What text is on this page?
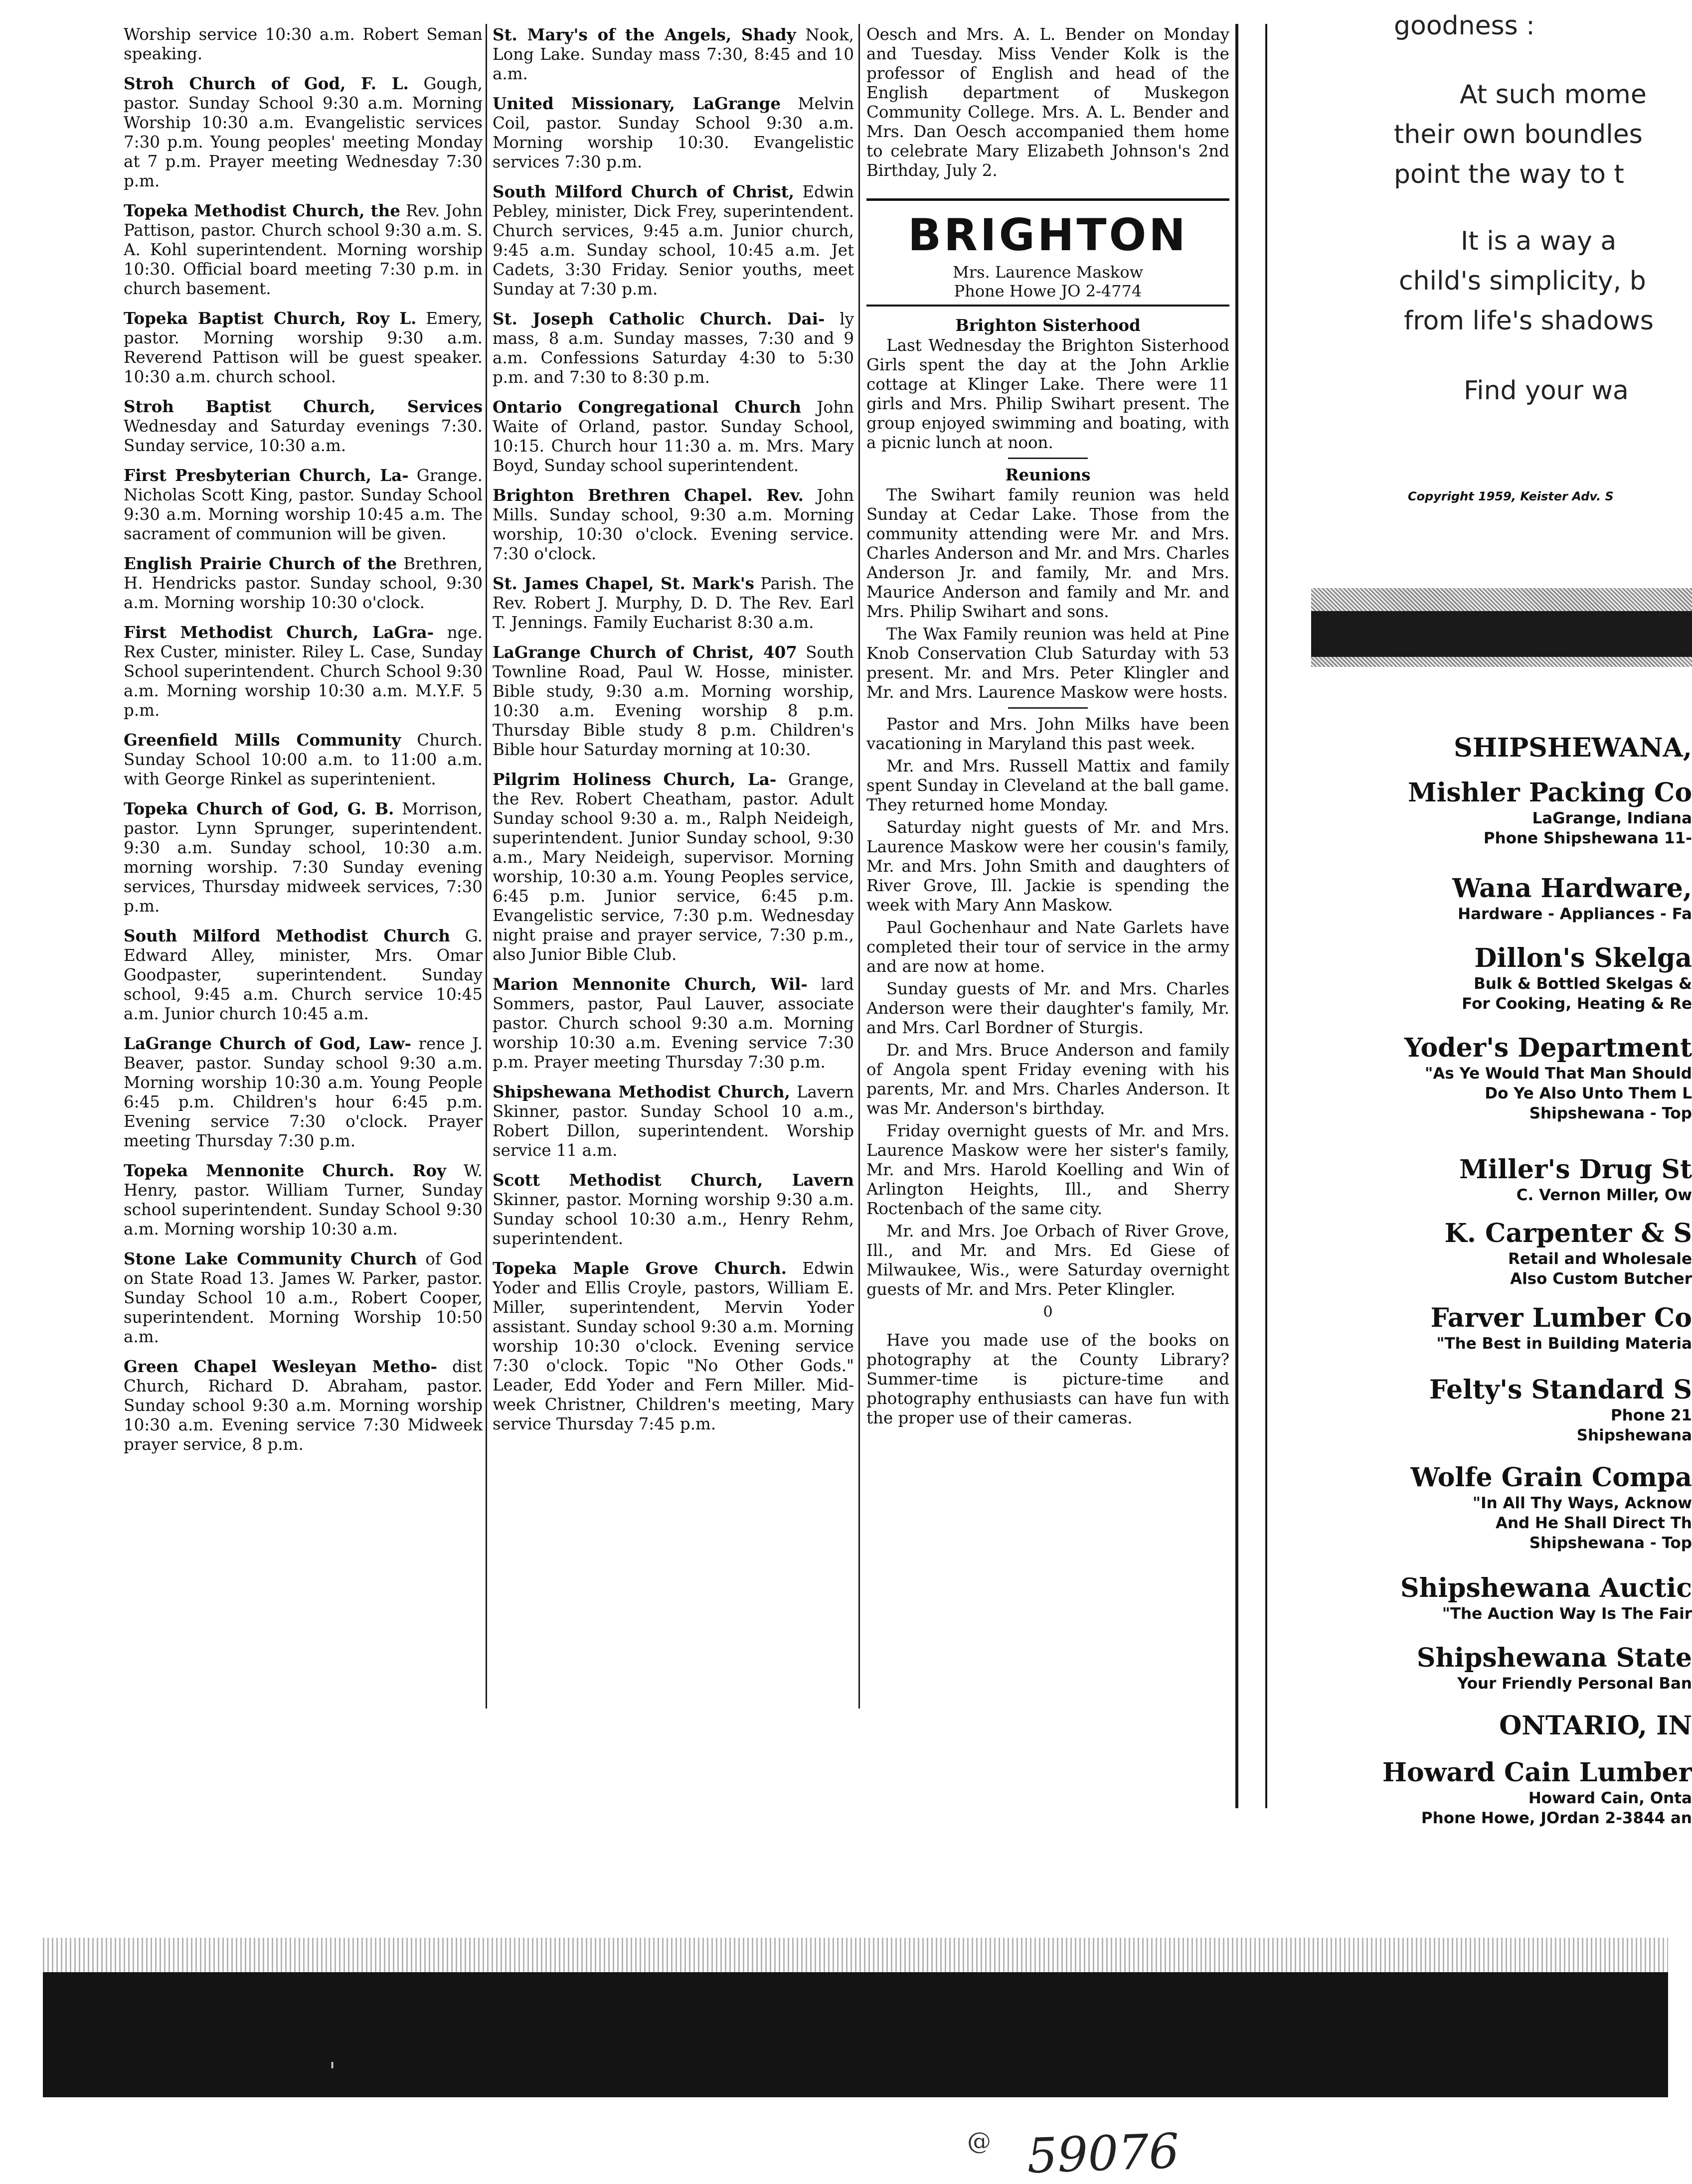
Worship service 10:30 a.m. Robert Seman speaking.
Stroh Church of God, F. L. Gough, pastor. Sunday School 9:30 a.m. Morning Worship 10:30 a.m. Evangelistic services 7:30 p.m. Young peoples' meeting Monday at 7 p.m. Prayer meeting Wednesday 7:30 p.m.
Topeka Methodist Church, the Rev. John Pattison, pastor. Church school 9:30 a.m. S. A. Kohl superintendent. Morning worship 10:30. Official board meeting 7:30 p.m. in church basement.
Topeka Baptist Church, Roy L. Emery, pastor. Morning worship 9:30 a.m. Reverend Pattison will be guest speaker. 10:30 a.m. church school.
Stroh Baptist Church, Services Wednesday and Saturday evenings 7:30. Sunday service, 10:30 a.m.
First Presbyterian Church, La- Grange. Nicholas Scott King, pastor. Sunday School 9:30 a.m. Morning worship 10:45 a.m. The sacrament of communion will be given.
English Prairie Church of the Brethren, H. Hendricks pastor. Sunday school, 9:30 a.m. Morning worship 10:30 o'clock.
First Methodist Church, LaGra- nge. Rex Custer, minister. Riley L. Case, Sunday School superintendent. Church School 9:30 a.m. Morning worship 10:30 a.m. M.Y.F. 5 p.m.
Greenfield Mills Community Church. Sunday School 10:00 a.m. to 11:00 a.m. with George Rinkel as superintenient.
Topeka Church of God, G. B. Morrison, pastor. Lynn Sprunger, superintendent. 9:30 a.m. Sunday school, 10:30 a.m. morning worship. 7:30 Sunday evening services, Thursday midweek services, 7:30 p.m.
South Milford Methodist Church G. Edward Alley, minister, Mrs. Omar Goodpaster, superintendent. Sunday school, 9:45 a.m. Church service 10:45 a.m. Junior church 10:45 a.m.
LaGrange Church of God, Law- rence J. Beaver, pastor. Sunday school 9:30 a.m. Morning worship 10:30 a.m. Young People 6:45 p.m. Children's hour 6:45 p.m. Evening service 7:30 o'clock. Prayer meeting Thursday 7:30 p.m.
Topeka Mennonite Church. Roy W. Henry, pastor. William Turner, Sunday school superintendent. Sunday School 9:30 a.m. Morning worship 10:30 a.m.
Stone Lake Community Church of God on State Road 13. James W. Parker, pastor. Sunday School 10 a.m., Robert Cooper, superintendent. Morning Worship 10:50 a.m.
Green Chapel Wesleyan Metho- dist Church, Richard D. Abraham, pastor. Sunday school 9:30 a.m. Morning worship 10:30 a.m. Evening service 7:30 Midweek prayer service, 8 p.m.
St. Mary's of the Angels, Shady Nook, Long Lake. Sunday mass 7:30, 8:45 and 10 a.m.
United Missionary, LaGrange Melvin Coil, pastor. Sunday School 9:30 a.m. Morning worship 10:30. Evangelistic services 7:30 p.m.
South Milford Church of Christ, Edwin Pebley, minister, Dick Frey, superintendent. Church services, 9:45 a.m. Junior church, 9:45 a.m. Sunday school, 10:45 a.m. Jet Cadets, 3:30 Friday. Senior youths, meet Sunday at 7:30 p.m.
St. Joseph Catholic Church. Dai- ly mass, 8 a.m. Sunday masses, 7:30 and 9 a.m. Confessions Saturday 4:30 to 5:30 p.m. and 7:30 to 8:30 p.m.
Ontario Congregational Church John Waite of Orland, pastor. Sunday School, 10:15. Church hour 11:30 a. m. Mrs. Mary Boyd, Sunday school superintendent.
Brighton Brethren Chapel. Rev. John Mills. Sunday school, 9:30 a.m. Morning worship, 10:30 o'clock. Evening service. 7:30 o'clock.
St. James Chapel, St. Mark's Parish. The Rev. Robert J. Murphy, D. D. The Rev. Earl T. Jennings. Family Eucharist 8:30 a.m.
LaGrange Church of Christ, 407 South Townline Road, Paul W. Hosse, minister. Bible study, 9:30 a.m. Morning worship, 10:30 a.m. Evening worship 8 p.m. Thursday Bible study 8 p.m. Children's Bible hour Saturday morning at 10:30.
Pilgrim Holiness Church, La- Grange, the Rev. Robert Cheatham, pastor. Adult Sunday school 9:30 a. m., Ralph Neideigh, superintendent. Junior Sunday school, 9:30 a.m., Mary Neideigh, supervisor. Morning worship, 10:30 a.m. Young Peoples service, 6:45 p.m. Junior service, 6:45 p.m. Evangelistic service, 7:30 p.m. Wednesday night praise and prayer service, 7:30 p.m., also Junior Bible Club.
Marion Mennonite Church, Wil- lard Sommers, pastor, Paul Lauver, associate pastor. Church school 9:30 a.m. Morning worship 10:30 a.m. Evening service 7:30 p.m. Prayer meeting Thursday 7:30 p.m.
Shipshewana Methodist Church, Lavern Skinner, pastor. Sunday School 10 a.m., Robert Dillon, superintendent. Worship service 11 a.m.
Scott Methodist Church, Lavern Skinner, pastor. Morning worship 9:30 a.m. Sunday school 10:30 a.m., Henry Rehm, superintendent.
Topeka Maple Grove Church. Edwin Yoder and Ellis Croyle, pastors, William E. Miller, superintendent, Mervin Yoder assistant. Sunday school 9:30 a.m. Morning worship 10:30 o'clock. Evening service 7:30 o'clock. Topic "No Other Gods." Leader, Edd Yoder and Fern Miller. Mid-week Christner, Children's meeting, Mary service Thursday 7:45 p.m.
Oesch and Mrs. A. L. Bender on Monday and Tuesday. Miss Vender Kolk is the professor of English and head of the English department of Muskegon Community College. Mrs. A. L. Bender and Mrs. Dan Oesch accompanied them home to celebrate Mary Elizabeth Johnson's 2nd Birthday, July 2.
BRIGHTON
Mrs. Laurence Maskow
Phone Howe JO 2-4774
Brighton Sisterhood
Last Wednesday the Brighton Sisterhood Girls spent the day at the John Arklie cottage at Klinger Lake. There were 11 girls and Mrs. Philip Swihart present. The group enjoyed swimming and boating, with a picnic lunch at noon.
Reunions
The Swihart family reunion was held Sunday at Cedar Lake. Those from the community attending were Mr. and Mrs. Charles Anderson and Mr. and Mrs. Charles Anderson Jr. and family, Mr. and Mrs. Maurice Anderson and family and Mr. and Mrs. Philip Swihart and sons.
The Wax Family reunion was held at Pine Knob Conservation Club Saturday with 53 present. Mr. and Mrs. Peter Klingler and Mr. and Mrs. Laurence Maskow were hosts.
Pastor and Mrs. John Milks have been vacationing in Maryland this past week.
Mr. and Mrs. Russell Mattix and family spent Sunday in Cleveland at the ball game. They returned home Monday.
Saturday night guests of Mr. and Mrs. Laurence Maskow were her cousin's family, Mr. and Mrs. John Smith and daughters of River Grove, Ill. Jackie is spending the week with Mary Ann Maskow.
Paul Gochenhaur and Nate Garlets have completed their tour of service in the army and are now at home.
Sunday guests of Mr. and Mrs. Charles Anderson were their daughter's family, Mr. and Mrs. Carl Bordner of Sturgis.
Dr. and Mrs. Bruce Anderson and family of Angola spent Friday evening with his parents, Mr. and Mrs. Charles Anderson. It was Mr. Anderson's birthday.
Friday overnight guests of Mr. and Mrs. Laurence Maskow were her sister's family, Mr. and Mrs. Harold Koelling and Win of Arlington Heights, Ill., and Sherry Roctenbach of the same city.
Mr. and Mrs. Joe Orbach of River Grove, Ill., and Mr. and Mrs. Ed Giese of Milwaukee, Wis., were Saturday overnight guests of Mr. and Mrs. Peter Klingler.
0
Have you made use of the books on photography at the County Library? Summer-time is picture-time and photography enthusiasts can have fun with the proper use of their cameras.
goodness :
At such mome
their own boundles
point the way to t
It is a way a
child's simplicity, b
from life's shadows
Find your wa
Copyright 1959, Keister Adv. S
SHIPSHEWANA,
Mishler Packing Co
LaGrange, Indiana
Phone Shipshewana 11-
Wana Hardware,
Hardware - Appliances - Fa
Dillon's Skelga
Bulk & Bottled Skelgas &
For Cooking, Heating & Re
Yoder's Department
"As Ye Would That Man Should
Do Ye Also Unto Them L
Shipshewana - Top
Miller's Drug St
C. Vernon Miller, Ow
K. Carpenter & S
Retail and Wholesale
Also Custom Butcher
Farver Lumber Co
"The Best in Building Materia
Felty's Standard S
Phone 21
Shipshewana
Wolfe Grain Compa
"In All Thy Ways, Acknow
And He Shall Direct Th
Shipshewana - Top
Shipshewana Auctic
"The Auction Way Is The Fair
Shipshewana State
Your Friendly Personal Ban
ONTARIO, IN
Howard Cain Lumber
Howard Cain, Onta
Phone Howe, JOrdan 2-3844 an
'
@ 59076
